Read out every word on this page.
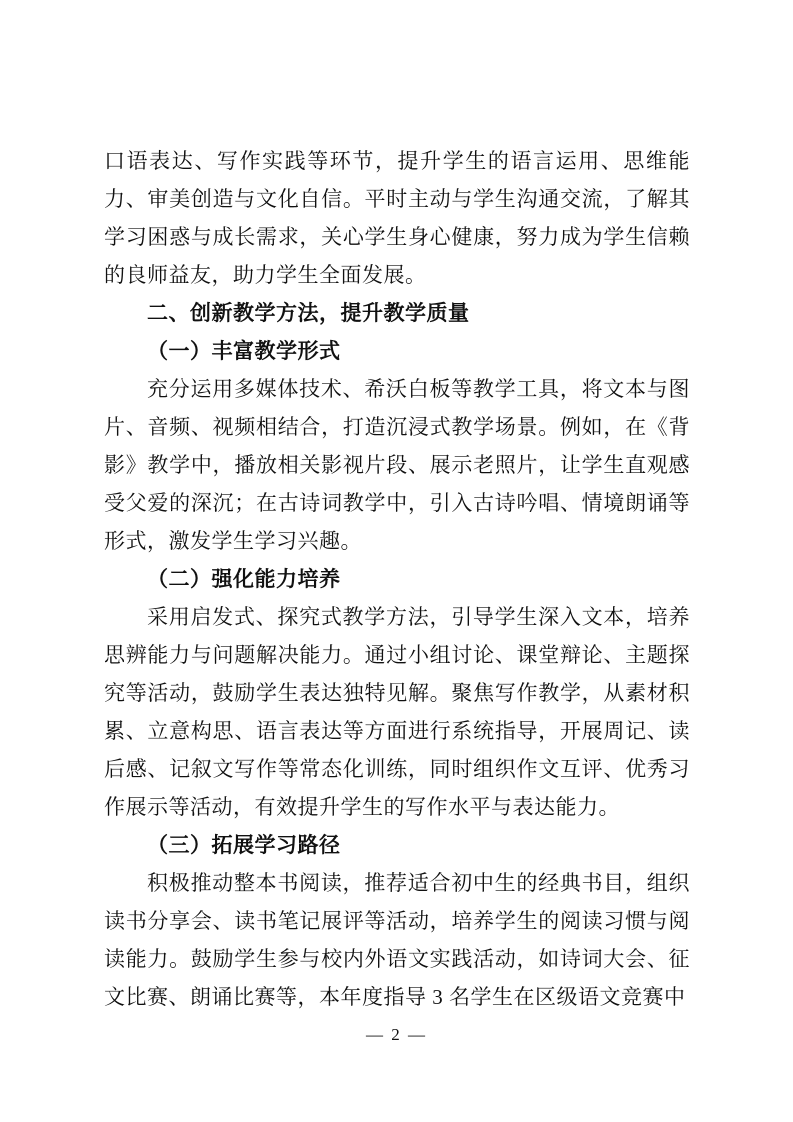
口语表达、写作实践等环节，提升学生的语言运用、思维能力、审美创造与文化自信。平时主动与学生沟通交流，了解其学习困惑与成长需求，关心学生身心健康，努力成为学生信赖的良师益友，助力学生全面发展。

二、创新教学方法，提升教学质量

（一）丰富教学形式

充分运用多媒体技术、希沃白板等教学工具，将文本与图片、音频、视频相结合，打造沉浸式教学场景。例如，在《背影》教学中，播放相关影视片段、展示老照片，让学生直观感受父爱的深沉；在古诗词教学中，引入古诗吟唱、情境朗诵等形式，激发学生学习兴趣。

（二）强化能力培养

采用启发式、探究式教学方法，引导学生深入文本，培养思辨能力与问题解决能力。通过小组讨论、课堂辩论、主题探究等活动，鼓励学生表达独特见解。聚焦写作教学，从素材积累、立意构思、语言表达等方面进行系统指导，开展周记、读后感、记叙文写作等常态化训练，同时组织作文互评、优秀习作展示等活动，有效提升学生的写作水平与表达能力。

（三）拓展学习路径

积极推动整本书阅读，推荐适合初中生的经典书目，组织读书分享会、读书笔记展评等活动，培养学生的阅读习惯与阅读能力。鼓励学生参与校内外语文实践活动，如诗词大会、征文比赛、朗诵比赛等，本年度指导 3 名学生在区级语文竞赛中

— 2 —
